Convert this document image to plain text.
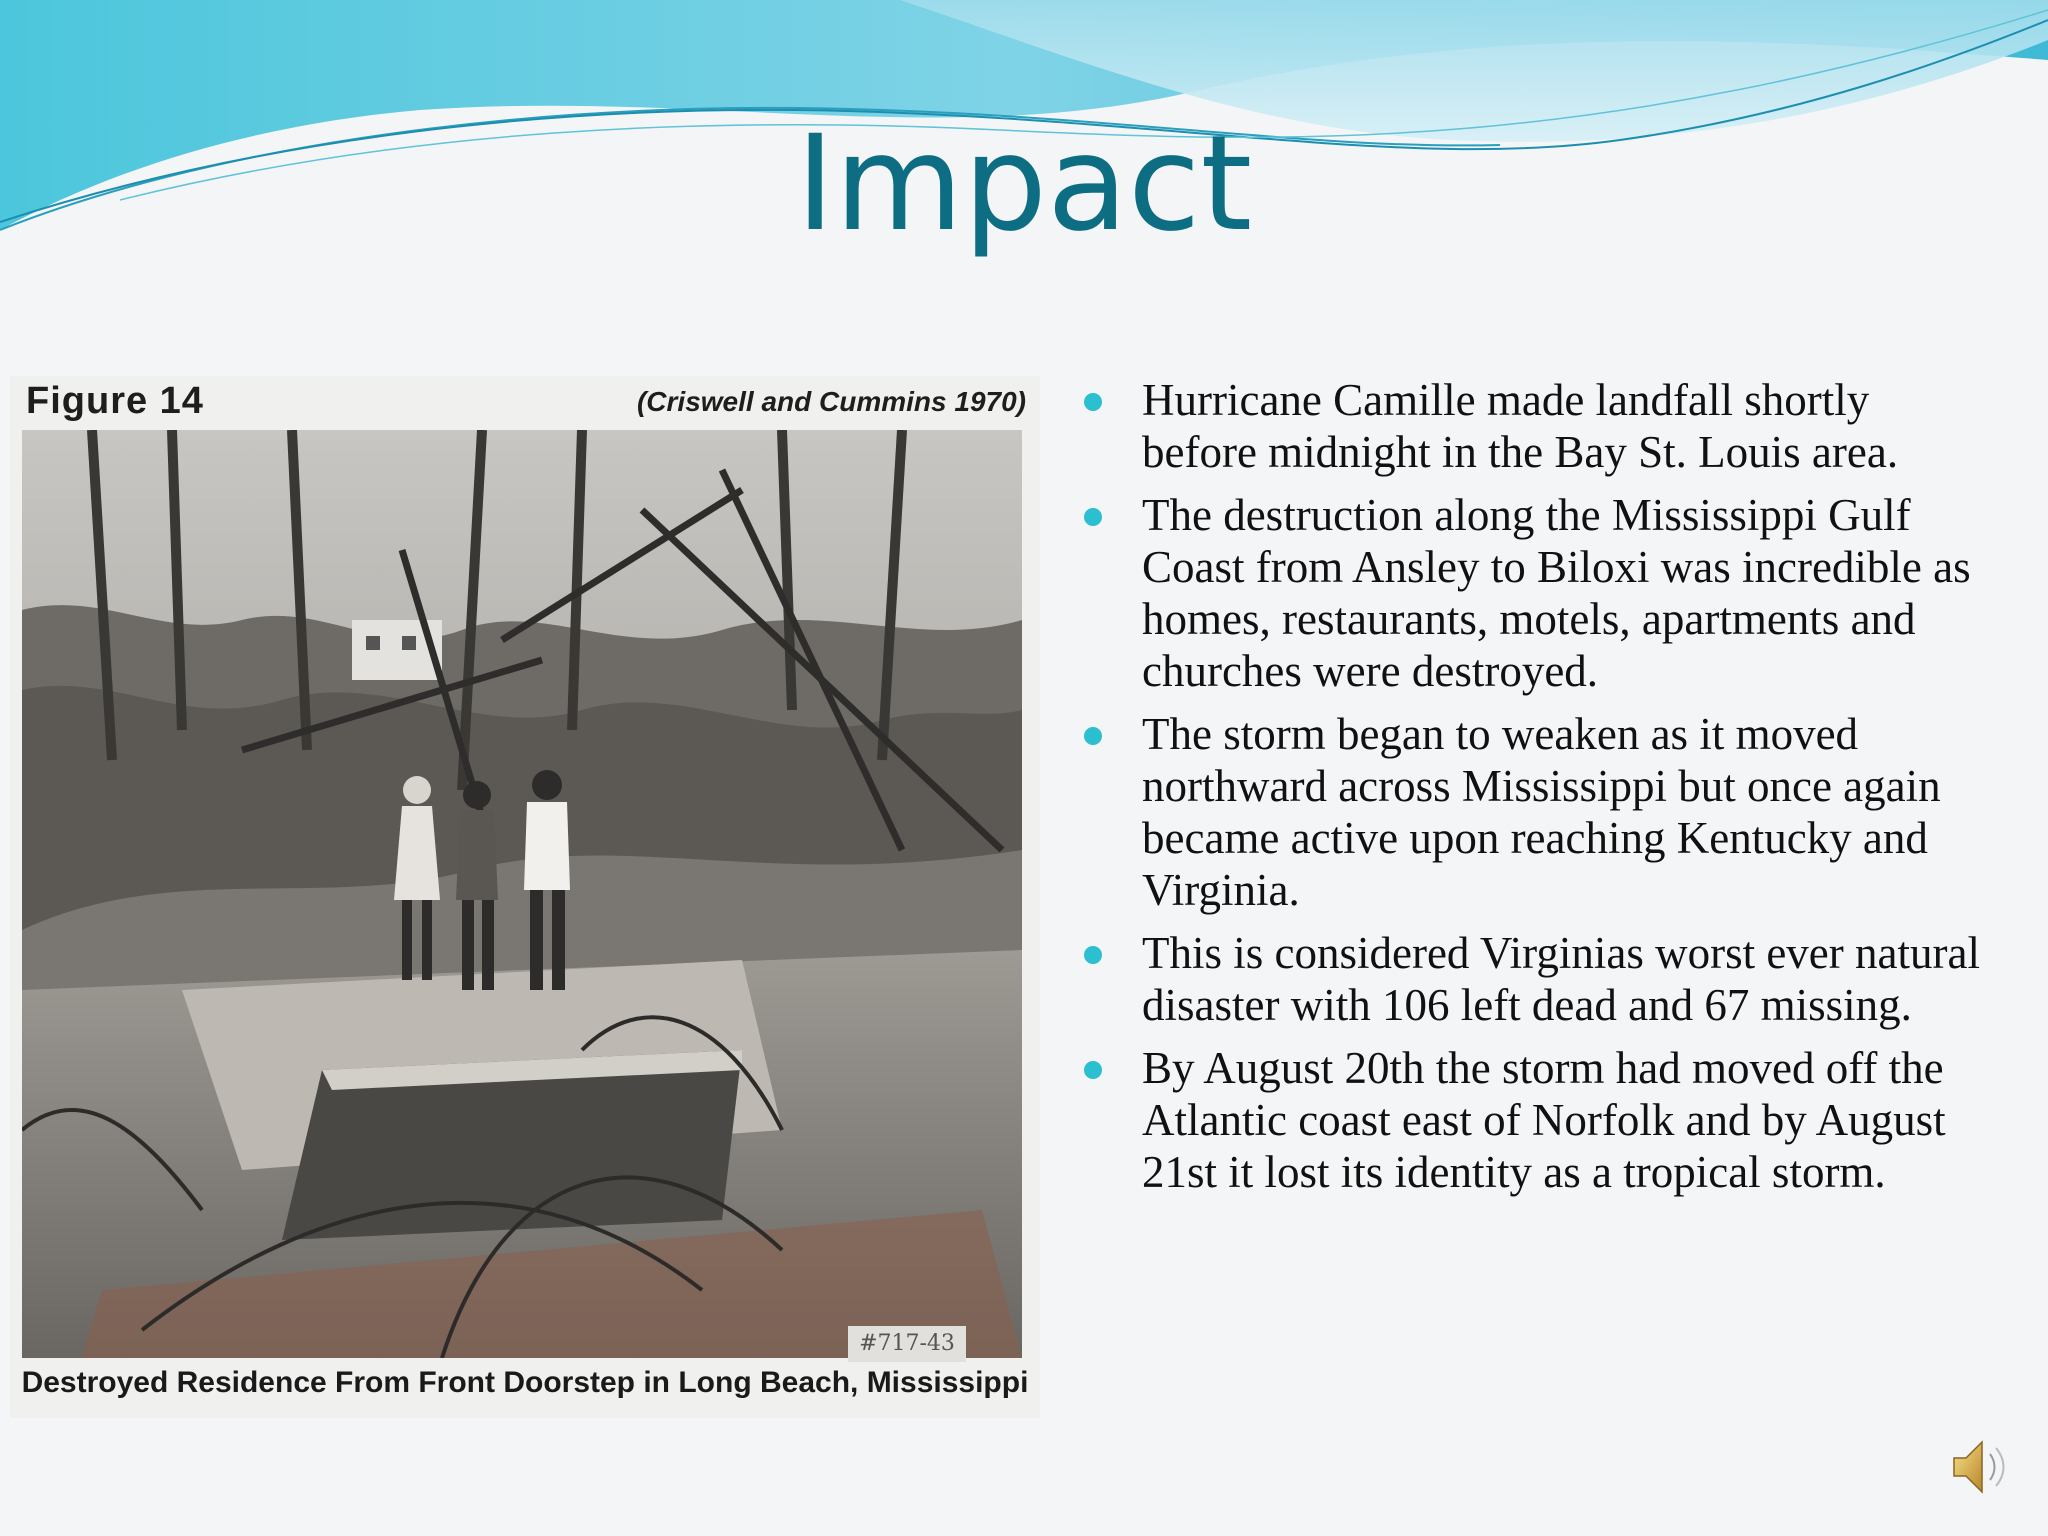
Impact
Figure 14	(Criswell and Cummins 1970)
#717-43
Destroyed Residence From Front Doorstep in Long Beach, Mississippi
Hurricane Camille made landfall shortly before midnight in the Bay St. Louis area.
The destruction along the Mississippi Gulf Coast from Ansley to Biloxi was incredible as homes, restaurants, motels, apartments and churches were destroyed.
The storm began to weaken as it moved northward across Mississippi but once again became active upon reaching Kentucky and Virginia.
This is considered Virginias worst ever natural disaster with 106 left dead and 67 missing.
By August 20th the storm had moved off the Atlantic coast east of Norfolk and by August 21st it lost its identity as a tropical storm.
